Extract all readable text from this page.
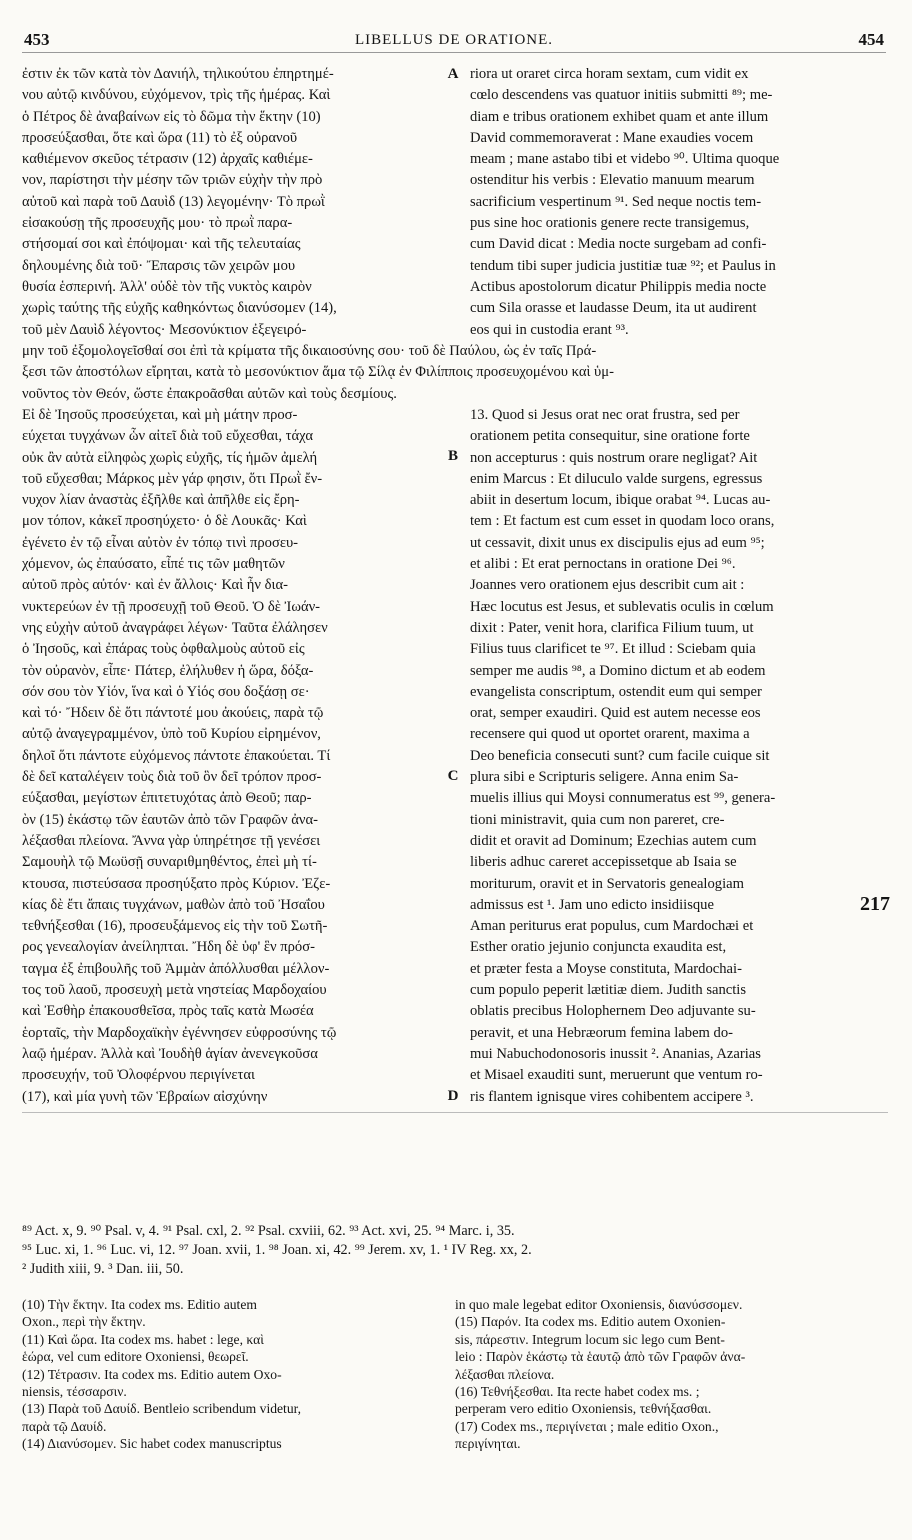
453	LIBELLUS DE ORATIONE.	454
ἐστιν ἐκ τῶν κατὰ τὸν Δανιήλ, τηλικούτου ἐπηρτημέ-
νου αὐτῷ κινδύνου, εὐχόμενον, τρὶς τῆς ἡμέρας. Καὶ
ὁ Πέτρος δὲ ἀναβαίνων εἰς τὸ δῶμα τὴν ἕκτην (10)
προσεύξασθαι, ὅτε καὶ ὥρα (11) τὸ ἐξ οὐρανοῦ
καθιέμενον σκεῦος τέτρασιν (12) ἀρχαῖς καθιέμε-
νον, παρίστησι τὴν μέσην τῶν τριῶν εὐχὴν τὴν πρὸ
αὐτοῦ καὶ παρὰ τοῦ Δαυὶδ (13) λεγομένην· Τὸ πρωῒ
εἰσακούσῃ τῆς προσευχῆς μου· τὸ πρωῒ παρα-
στήσομαί σοι καὶ ἐπόψομαι· καὶ τῆς τελευταίας
δηλουμένης διὰ τοῦ· Ἔπαρσις τῶν χειρῶν μου
θυσία ἑσπερινή. Ἀλλ' οὐδὲ τὸν τῆς νυκτὸς καιρὸν
χωρὶς ταύτης τῆς εὐχῆς καθηκόντως διανύσομεν (14),
τοῦ μὲν Δαυὶδ λέγοντος· Μεσονύκτιον ἐξεγειρό-
riora ut oraret circa horam sextam, cum vidit ex
cœlo descendens vas quatuor initiis submitti ⁸⁹; me-
diam e tribus orationem exhibet quam et ante illum
David commemoraverat : Mane exaudies vocem
meam ; mane astabo tibi et videbo ⁹⁰. Ultima quoque
ostenditur his verbis : Elevatio manuum mearum
sacrificium vespertinum ⁹¹. Sed neque noctis tem-
pus sine hoc orationis genere recte transigemus,
cum David dicat : Media nocte surgebam ad confi-
tendum tibi super judicia justitiæ tuæ ⁹²; et Paulus in
Actibus apostolorum dicatur Philippis media nocte
cum Sila orasse et laudasse Deum, ita ut audirent
eos qui in custodia erant ⁹³.
A
μην τοῦ ἐξομολογεῖσθαί σοι ἐπὶ τὰ κρίματα τῆς δικαιοσύνης σου· τοῦ δὲ Παύλου, ὡς ἐν ταῖς Πρά-
ξεσι τῶν ἀποστόλων εἴρηται, κατὰ τὸ μεσονύκτιον ἅμα τῷ Σίλᾳ ἐν Φιλίπποις προσευχομένου καὶ ὑμ-
νοῦντος τὸν Θεόν, ὥστε ἐπακροᾶσθαι αὐτῶν καὶ τοὺς δεσμίους.
Εἰ δὲ Ἰησοῦς προσεύχεται, καὶ μὴ μάτην προσ-
εύχεται τυγχάνων ὧν αἰτεῖ διὰ τοῦ εὔχεσθαι, τάχα
οὐκ ἂν αὐτὰ εἰληφὼς χωρὶς εὐχῆς, τίς ἡμῶν ἀμελή
τοῦ εὔχεσθαι; Μάρκος μὲν γάρ φησιν, ὅτι Πρωῒ ἔν-
νυχον λίαν ἀναστὰς ἐξῆλθε καὶ ἀπῆλθε εἰς ἔρη-
μον τόπον, κἀκεῖ προσηύχετο· ὁ δὲ Λουκᾶς· Καὶ
ἐγένετο ἐν τῷ εἶναι αὐτὸν ἐν τόπῳ τινὶ προσευ-
χόμενον, ὡς ἐπαύσατο, εἶπέ τις τῶν μαθητῶν
αὐτοῦ πρὸς αὐτόν· καὶ ἐν ἄλλοις· Καὶ ἦν δια-
νυκτερεύων ἐν τῇ προσευχῇ τοῦ Θεοῦ. Ὁ δὲ Ἰωάν-
νης εὐχὴν αὐτοῦ ἀναγράφει λέγων· Ταῦτα ἐλάλησεν
ὁ Ἰησοῦς, καὶ ἐπάρας τοὺς ὀφθαλμοὺς αὐτοῦ εἰς
τὸν οὐρανὸν, εἶπε· Πάτερ, ἐλήλυθεν ἡ ὥρα, δόξα-
σόν σου τὸν Υἱόν, ἵνα καὶ ὁ Υἱός σου δοξάσῃ σε·
καὶ τό· Ἤδειν δὲ ὅτι πάντοτέ μου ἀκούεις, παρὰ τῷ
αὐτῷ ἀναγεγραμμένον, ὑπὸ τοῦ Κυρίου εἰρημένον,
δηλοῖ ὅτι πάντοτε εὐχόμενος πάντοτε ἐπακούεται. Τί
δὲ δεῖ καταλέγειν τοὺς διὰ τοῦ ὃν δεῖ τρόπον προσ-
εύξασθαι, μεγίστων ἐπιτετυχότας ἀπὸ Θεοῦ; παρ-
ὸν (15) ἑκάστῳ τῶν ἑαυτῶν ἀπὸ τῶν Γραφῶν ἀνα-
λέξασθαι πλείονα. Ἄννα γὰρ ὑπηρέτησε τῇ γενέσει
Σαμουὴλ τῷ Μωϋσῇ συναριθμηθέντος, ἐπεὶ μὴ τί-
κτουσα, πιστεύσασα προσηύξατο πρὸς Κύριον. Ἐζε-
κίας δὲ ἔτι ἄπαις τυγχάνων, μαθὼν ἀπὸ τοῦ Ἠσαΐου
τεθνήξεσθαι (16), προσευξάμενος εἰς τὴν τοῦ Σωτῆ-
ρος γενεαλογίαν ἀνείληπται. Ἤδη δὲ ὑφ' ἓν πρόσ-
ταγμα ἐξ ἐπιβουλῆς τοῦ Ἀμμὰν ἀπόλλυσθαι μέλλον-
τος τοῦ λαοῦ, προσευχὴ μετὰ νηστείας Μαρδοχαίου
καὶ Ἐσθὴρ ἐπακουσθεῖσα, πρὸς ταῖς κατὰ Μωσέα
ἑορταῖς, τὴν Μαρδοχαϊκὴν ἐγέννησεν εὐφροσύνης τῷ
λαῷ ἡμέραν. Ἀλλὰ καὶ Ἰουδὴθ ἁγίαν ἀνενεγκοῦσα
προσευχήν, τοῦ Ὀλοφέρνου περιγίνεται
(17), καὶ μία γυνὴ τῶν Ἑβραίων αἰσχύνην
13. Quod si Jesus orat nec orat frustra, sed per
orationem petita consequitur, sine oratione forte
non accepturus : quis nostrum orare negligat? Ait
enim Marcus : Et diluculo valde surgens, egressus
abiit in desertum locum, ibique orabat ⁹⁴. Lucas au-
tem : Et factum est cum esset in quodam loco orans,
ut cessavit, dixit unus ex discipulis ejus ad eum ⁹⁵;
et alibi : Et erat pernoctans in oratione Dei ⁹⁶.
Joannes vero orationem ejus describit cum ait :
Hæc locutus est Jesus, et sublevatis oculis in cœlum
dixit : Pater, venit hora, clarifica Filium tuum, ut
Filius tuus clarificet te ⁹⁷. Et illud : Sciebam quia
semper me audis ⁹⁸, a Domino dictum et ab eodem
evangelista conscriptum, ostendit eum qui semper
orat, semper exaudiri. Quid est autem necesse eos
recensere qui quod ut oportet orarent, maxima a
Deo beneficia consecuti sunt? cum facile cuique sit
plura sibi e Scripturis seligere. Anna enim Sa-
muelis illius qui Moysi connumeratus est ⁹⁹, genera-
tioni ministravit, quia cum non pareret, cre-
didit et oravit ad Dominum; Ezechias autem cum
liberis adhuc careret accepissetque ab Isaia se
moriturum, oravit et in Servatoris genealogiam
admissus est ¹. Jam uno edicto insidiisque
Aman periturus erat populus, cum Mardochæi et
Esther oratio jejunio conjuncta exaudita est,
et præter festa a Moyse constituta, Mardochai-
cum populo peperit lætitiæ diem. Judith sanctis
oblatis precibus Holophernem Deo adjuvante su-
peravit, et una Hebræorum femina labem do-
mui Nabuchodonosoris inussit ². Ananias, Azarias
et Misael exauditi sunt, meruerunt que ventum ro-
ris flantem ignisque vires cohibentem accipere ³.
B
C
D
217
⁸⁹ Act. x, 9. ⁹⁰ Psal. v, 4. ⁹¹ Psal. cxl, 2. ⁹² Psal. cxviii, 62. ⁹³ Act. xvi, 25. ⁹⁴ Marc. i, 35.
⁹⁵ Luc. xi, 1. ⁹⁶ Luc. vi, 12. ⁹⁷ Joan. xvii, 1. ⁹⁸ Joan. xi, 42. ⁹⁹ Jerem. xv, 1. ¹ IV Reg. xx, 2.
² Judith xiii, 9. ³ Dan. iii, 50.
(10) Τὴν ἕκτην. Ita codex ms. Editio autem
Oxon., περὶ τὴν ἕκτην.
(11) Καὶ ὥρα. Ita codex ms. habet : lege, καὶ
ἑώρα, vel cum editore Oxoniensi, θεωρεῖ.
(12) Τέτρασιν. Ita codex ms. Editio autem Oxo-
niensis, τέσσαρσιν.
(13) Παρὰ τοῦ Δαυίδ. Bentleio scribendum videtur,
παρὰ τῷ Δαυίδ.
(14) Διανύσομεν. Sic habet codex manuscriptus
in quo male legebat editor Oxoniensis, διανύσσομεν.
(15) Παρόν. Ita codex ms. Editio autem Oxonien-
sis, πάρεστιν. Integrum locum sic lego cum Bent-
leio : Παρὸν ἑκάστῳ τὰ ἑαυτῷ ἀπὸ τῶν Γραφῶν ἀνα-
λέξασθαι πλείονα.
(16) Τεθνήξεσθαι. Ita recte habet codex ms. ;
perperam vero editio Oxoniensis, τεθνήξασθαι.
(17) Codex ms., περιγίνεται ; male editio Oxon.,
περιγίνηται.
